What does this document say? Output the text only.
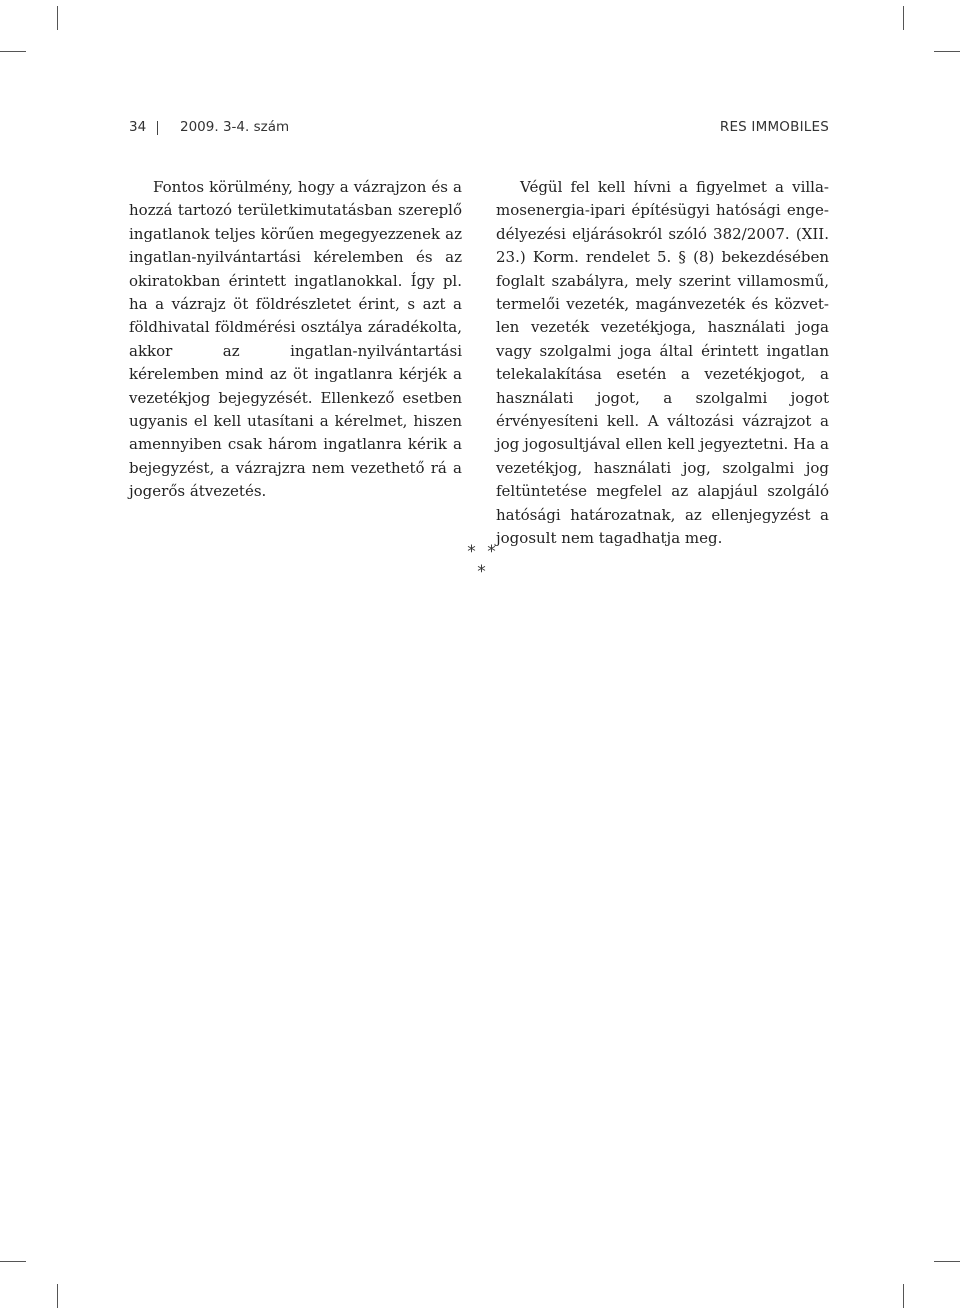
34	2009. 3-4. szám	RES IMMOBILES

Fontos körülmény, hogy a vázrajzon és a hozzá tartozó területkimutatásban szereplő ingatlanok teljes körűen megegyezzenek az ingatlan-nyilvántartási kérelemben és az okiratokban érintett ingatlanokkal. Így pl. ha a vázrajz öt földrészletet érint, s azt a földhivatal földmérési osztálya záradékolta, akkor az ingatlan-nyilvántartási kérelemben mind az öt ingatlanra kérjék a vezetékjog bejegyzését. Ellenkező esetben ugyanis el kell utasítani a kérelmet, hiszen amennyiben csak három ingatlanra kérik a bejegyzést, a vázrajzra nem vezethető rá a jogerős átvezetés.

Végül fel kell hívni a figyelmet a villamosenergia-ipari építésügyi hatósági engedélyezési eljárásokról szóló 382/2007. (XII. 23.) Korm. rendelet 5. § (8) bekezdésében foglalt szabályra, mely szerint villamosmű, termelői vezeték, magánvezeték és közvetlen vezeték vezetékjoga, használati joga vagy szolgalmi joga által érintett ingatlan telekalakítása esetén a vezetékjogot, a használati jogot, a szolgalmi jogot érvényesíteni kell. A változási vázrajzot a jog jogosultjával ellen kell jegyeztetni. Ha a vezetékjog, használati jog, szolgalmi jog feltüntetése megfelel az alapjául szolgáló hatósági határozatnak, az ellenjegyzést a jogosult nem tagadhatja meg.

* * *
